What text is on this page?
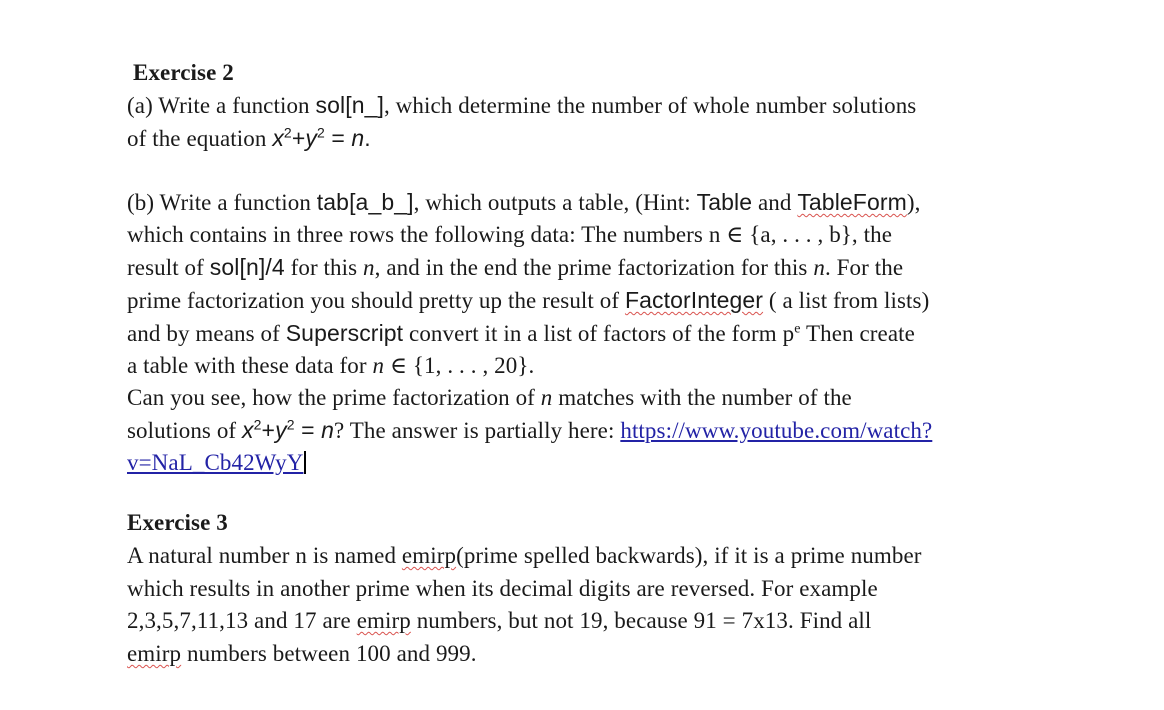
Exercise 2
(a) Write a function sol[n_], which determine the number of whole number solutions
of the equation $x^2+y^2 = n$.
(b) Write a function tab[a_b_], which outputs a table, (Hint: Table and TableForm),
which contains in three rows the following data: The numbers n ∈ {a, . . . , b}, the
result of sol[n]/4 for this n, and in the end the prime factorization for this n. For the
prime factorization you should pretty up the result of FactorInteger ( a list from lists)
and by means of Superscript convert it in a list of factors of the form $p^e$ Then create
a table with these data for n ∈ {1, . . . , 20}.
Can you see, how the prime factorization of n matches with the number of the
solutions of $x^2+y^2 = n$? The answer is partially here: https://www.youtube.com/watch?
v=NaL_Cb42WyY
Exercise 3
A natural number n is named emirp(prime spelled backwards), if it is a prime number
which results in another prime when its decimal digits are reversed. For example
2,3,5,7,11,13 and 17 are emirp numbers, but not 19, because 91 = 7x13. Find all
emirp numbers between 100 and 999.
